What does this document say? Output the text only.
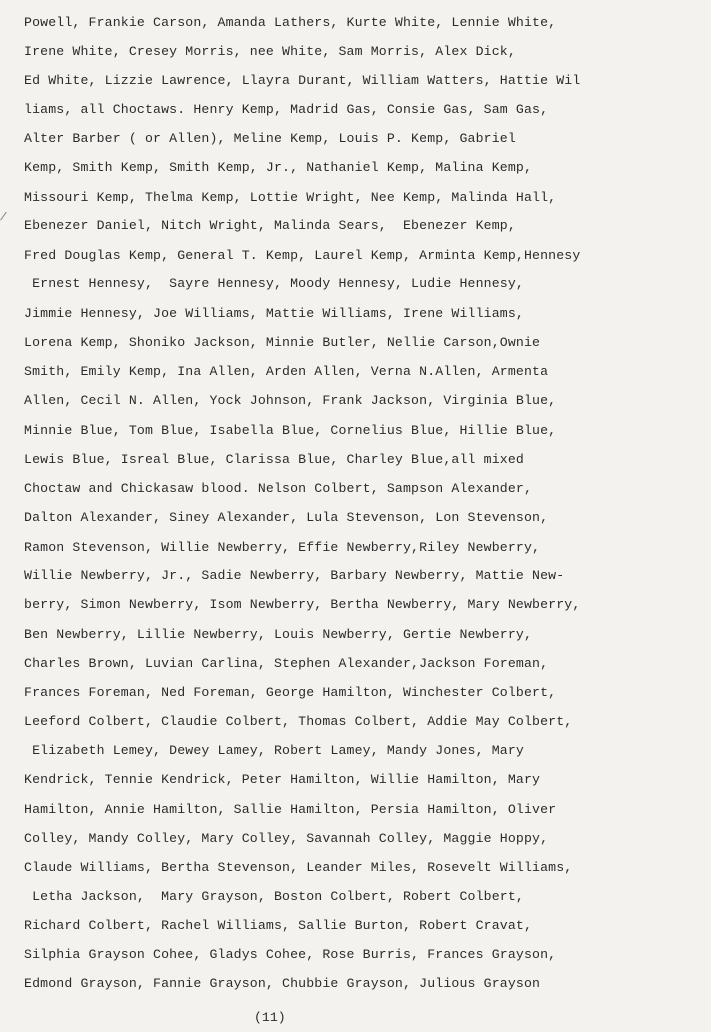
Powell, Frankie Carson, Amanda Lathers, Kurte White, Lennie White,
Irene White, Cresey Morris, nee White, Sam Morris, Alex Dick,
Ed White, Lizzie Lawrence, Llayra Durant, William Watters, Hattie Wil
liams, all Choctaws. Henry Kemp, Madrid Gas, Consie Gas, Sam Gas,
Alter Barber ( or Allen), Meline Kemp, Louis P. Kemp, Gabriel
Kemp, Smith Kemp, Smith Kemp, Jr., Nathaniel Kemp, Malina Kemp,
Missouri Kemp, Thelma Kemp, Lottie Wright, Nee Kemp, Malinda Hall,
Ebenezer Daniel, Nitch Wright, Malinda Sears,  Ebenezer Kemp,
Fred Douglas Kemp, General T. Kemp, Laurel Kemp, Arminta Kemp,Hennesy
Ernest Hennesy,  Sayre Hennesy, Moody Hennesy, Ludie Hennesy,
Jimmie Hennesy, Joe Williams, Mattie Williams, Irene Williams,
Lorena Kemp, Shoniko Jackson, Minnie Butler, Nellie Carson,Ownie
Smith, Emily Kemp, Ina Allen, Arden Allen, Verna N.Allen, Armenta
Allen, Cecil N. Allen, Yock Johnson, Frank Jackson, Virginia Blue,
Minnie Blue, Tom Blue, Isabella Blue, Cornelius Blue, Hillie Blue,
Lewis Blue, Isreal Blue, Clarissa Blue, Charley Blue,all mixed
Choctaw and Chickasaw blood. Nelson Colbert, Sampson Alexander,
Dalton Alexander, Siney Alexander, Lula Stevenson, Lon Stevenson,
Ramon Stevenson, Willie Newberry, Effie Newberry,Riley Newberry,
Willie Newberry, Jr., Sadie Newberry, Barbary Newberry, Mattie New-
berry, Simon Newberry, Isom Newberry, Bertha Newberry, Mary Newberry,
Ben Newberry, Lillie Newberry, Louis Newberry, Gertie Newberry,
Charles Brown, Luvian Carlina, Stephen Alexander,Jackson Foreman,
Frances Foreman, Ned Foreman, George Hamilton, Winchester Colbert,
Leeford Colbert, Claudie Colbert, Thomas Colbert, Addie May Colbert,
Elizabeth Lemey, Dewey Lamey, Robert Lamey, Mandy Jones, Mary
Kendrick, Tennie Kendrick, Peter Hamilton, Willie Hamilton, Mary
Hamilton, Annie Hamilton, Sallie Hamilton, Persia Hamilton, Oliver
Colley, Mandy Colley, Mary Colley, Savannah Colley, Maggie Hoppy,
Claude Williams, Bertha Stevenson, Leander Miles, Rosevelt Williams,
Letha Jackson,  Mary Grayson, Boston Colbert, Robert Colbert,
Richard Colbert, Rachel Williams, Sallie Burton, Robert Cravat,
Silphia Grayson Cohee, Gladys Cohee, Rose Burris, Frances Grayson,
Edmond Grayson, Fannie Grayson, Chubbie Grayson, Julious Grayson
(11)
